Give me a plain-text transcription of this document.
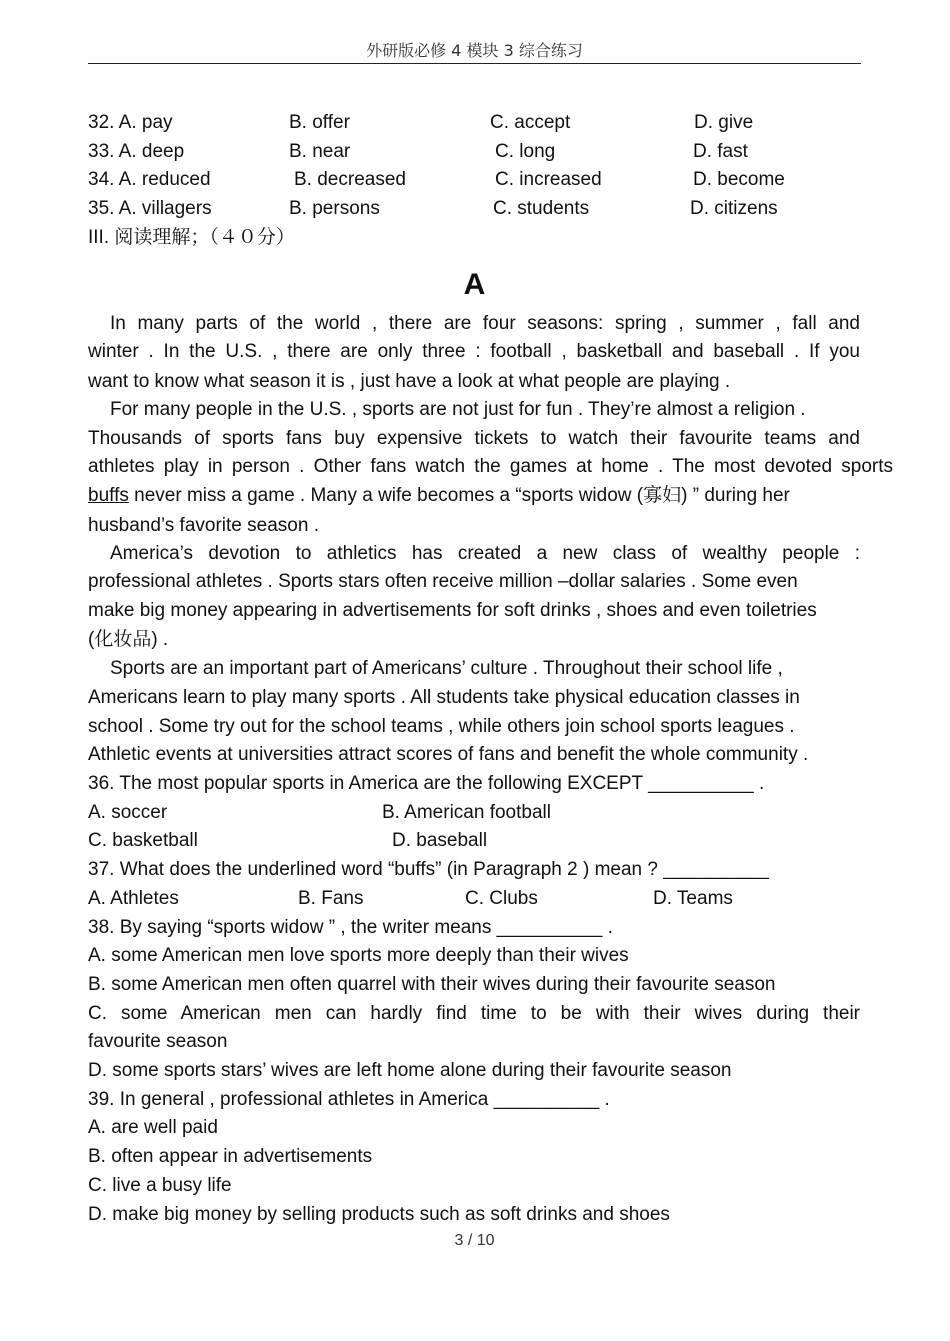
外研版必修 4 模块 3 综合练习
32. A. pay	B. offer	C. accept	D. give
33. A. deep	B. near	C. long	D. fast
34. A. reduced	B. decreased	C. increased	D. become
35. A. villagers	B. persons	C. students	D. citizens
III. 阅读理解；（４０分）
A
In many parts of the world , there are four seasons: spring , summer , fall and
winter . In the U.S. , there are only three : football , basketball and baseball . If you
want to know what season it is , just have a look at what people are playing .
For many people in the U.S. , sports are not just for fun . They’re almost a religion .
Thousands of sports fans buy expensive tickets to watch their favourite teams and
athletes play in person . Other fans watch the games at home . The most devoted sports
buffs never miss a game . Many a wife becomes a “sports widow (寡妇) ” during her
husband’s favorite season .
America’s devotion to athletics has created a new class of wealthy people :
professional athletes . Sports stars often receive million –dollar salaries . Some even
make big money appearing in advertisements for soft drinks , shoes and even toiletries
(化妆品) .
Sports are an important part of Americans’ culture . Throughout their school life ,
Americans learn to play many sports . All students take physical education classes in
school . Some try out for the school teams , while others join school sports leagues .
Athletic events at universities attract scores of fans and benefit the whole community .
36. The most popular sports in America are the following EXCEPT __________ .
A. soccer	B. American football
C. basketball	D. baseball
37. What does the underlined word “buffs” (in Paragraph 2 ) mean ? __________
A. Athletes	B. Fans	C. Clubs	D. Teams
38. By saying “sports widow ” , the writer means __________ .
A. some American men love sports more deeply than their wives
B. some American men often quarrel with their wives during their favourite season
C. some American men can hardly find time to be with their wives during their
favourite season
D. some sports stars’ wives are left home alone during their favourite season
39. In general , professional athletes in America __________ .
A. are well paid
B. often appear in advertisements
C. live a busy life
D. make big money by selling products such as soft drinks and shoes
3 / 10
